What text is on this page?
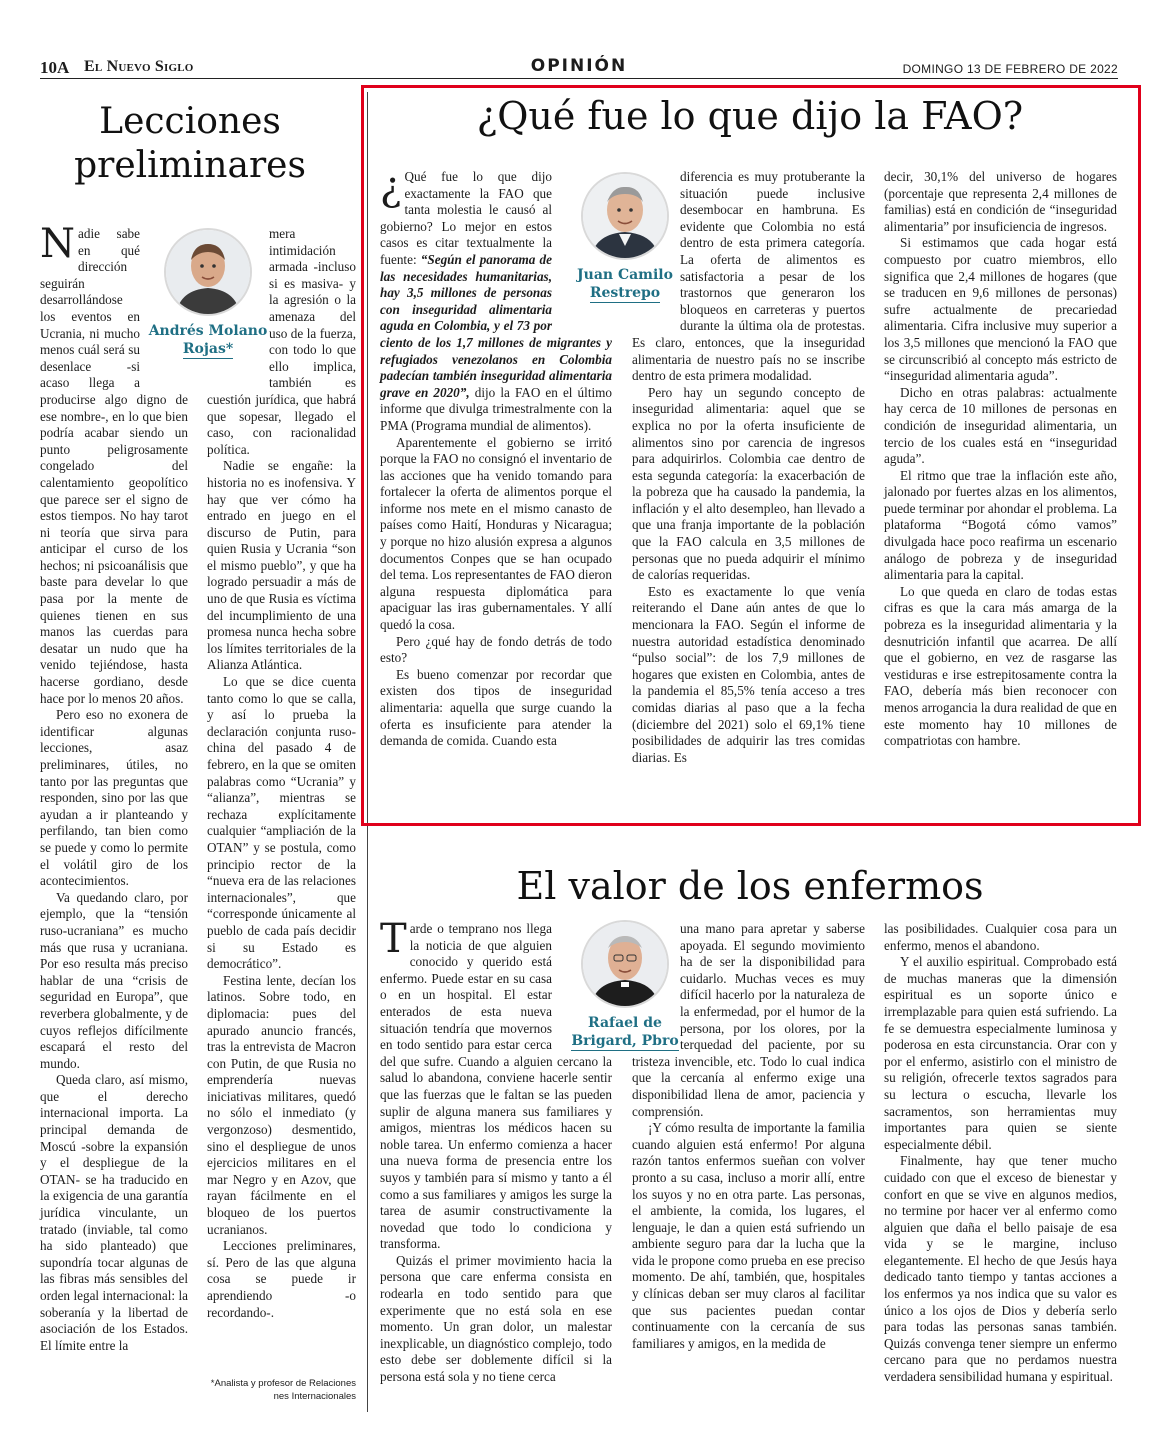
10A El Nuevo Siglo	OPINIÓN	DOMINGO 13 DE FEBRERO DE 2022
Lecciones
preliminares
Andrés Molano
Rojas*

Nadie sabe en qué dirección seguirán desarrollándose los eventos en Ucrania, ni mucho menos cuál será su desenlace -si acaso llega a producirse algo digno de ese nombre-, en lo que bien podría acabar siendo un punto peligrosamente congelado del calentamiento geopolítico que parece ser el signo de estos tiempos. No hay tarot ni teoría que sirva para anticipar el curso de los hechos; ni psicoanálisis que baste para develar lo que pasa por la mente de quienes tienen en sus manos las cuerdas para desatar un nudo que ha venido tejiéndose, hasta hacerse gordiano, desde hace por lo menos 20 años.

Pero eso no exonera de identificar algunas lecciones, asaz preliminares, útiles, no tanto por las preguntas que responden, sino por las que ayudan a ir planteando y perfilando, tan bien como se puede y como lo permite el volátil giro de los acontecimientos.

Va quedando claro, por ejemplo, que la “tensión ruso-ucraniana” es mucho más que rusa y ucraniana. Por eso resulta más preciso hablar de una “crisis de seguridad en Europa”, que reverbera globalmente, y de cuyos reflejos difícilmente escapará el resto del mundo.

Queda claro, así mismo, que el derecho internacional importa. La principal demanda de Moscú -sobre la expansión y el despliegue de la OTAN- se ha traducido en la exigencia de una garantía jurídica vinculante, un tratado (inviable, tal como ha sido planteado) que supondría tocar algunas de las fibras más sensibles del orden legal internacional: la soberanía y la libertad de asociación de los Estados. El límite entre la

mera intimidación armada -incluso si es masiva- y la agresión o la amenaza del uso de la fuerza, con todo lo que ello implica, también es cuestión jurídica, que habrá que sopesar, llegado el caso, con racionalidad política.

Nadie se engañe: la historia no es inofensiva. Y hay que ver cómo ha entrado en juego en el discurso de Putin, para quien Rusia y Ucrania “son el mismo pueblo”, y que ha logrado persuadir a más de uno de que Rusia es víctima del incumplimiento de una promesa nunca hecha sobre los límites territoriales de la Alianza Atlántica.

Lo que se dice cuenta tanto como lo que se calla, y así lo prueba la declaración conjunta ruso-china del pasado 4 de febrero, en la que se omiten palabras como “Ucrania” y “alianza”, mientras se rechaza explícitamente cualquier “ampliación de la OTAN” y se postula, como principio rector de la “nueva era de las relaciones internacionales”, que “corresponde únicamente al pueblo de cada país decidir si su Estado es democrático”.

Festina lente, decían los latinos. Sobre todo, en diplomacia: pues del apurado anuncio francés, tras la entrevista de Macron con Putin, de que Rusia no emprendería nuevas iniciativas militares, quedó no sólo el inmediato (y vergonzoso) desmentido, sino el despliegue de unos ejercicios militares en el mar Negro y en Azov, que rayan fácilmente en el bloqueo de los puertos ucranianos.

Lecciones preliminares, sí. Pero de las que alguna cosa se puede ir aprendiendo -o recordando-.

*Analista y profesor de Relaciones
nes Internacionales
¿Qué fue lo que dijo la FAO?
Juan Camilo
Restrepo

¿ Qué fue lo que dijo exactamente la FAO que tanta molestia le causó al gobierno? Lo mejor en estos casos es citar textualmente la fuente: “Según el panorama de las necesidades humanitarias, hay 3,5 millones de personas con inseguridad alimentaria aguda en Colombia, y el 73 por ciento de los 1,7 millones de migrantes y refugiados venezolanos en Colombia padecían también inseguridad alimentaria grave en 2020”, dijo la FAO en el último informe que divulga trimestralmente con la PMA (Programa mundial de alimentos).

Aparentemente el gobierno se irritó porque la FAO no consignó el inventario de las acciones que ha venido tomando para fortalecer la oferta de alimentos porque el informe nos mete en el mismo canasto de países como Haití, Honduras y Nicaragua; y porque no hizo alusión expresa a algunos documentos Conpes que se han ocupado del tema. Los representantes de FAO dieron alguna respuesta diplomática para apaciguar las iras gubernamentales. Y allí quedó la cosa.

Pero ¿qué hay de fondo detrás de todo esto?

Es bueno comenzar por recordar que existen dos tipos de inseguridad alimentaria: aquella que surge cuando la oferta es insuficiente para atender la demanda de comida. Cuando esta

diferencia es muy protuberante la situación puede inclusive desembocar en hambruna. Es evidente que Colombia no está dentro de esta primera categoría. La oferta de alimentos es satisfactoria a pesar de los trastornos que generaron los bloqueos en carreteras y puertos durante la última ola de protestas. Es claro, entonces, que la inseguridad alimentaria de nuestro país no se inscribe dentro de esta primera modalidad.

Pero hay un segundo concepto de inseguridad alimentaria: aquel que se explica no por la oferta insuficiente de alimentos sino por carencia de ingresos para adquirirlos. Colombia cae dentro de esta segunda categoría: la exacerbación de la pobreza que ha causado la pandemia, la inflación y el alto desempleo, han llevado a que una franja importante de la población que la FAO calcula en 3,5 millones de personas que no pueda adquirir el mínimo de calorías requeridas.

Esto es exactamente lo que venía reiterando el Dane aún antes de que lo mencionara la FAO. Según el informe de nuestra autoridad estadística denominado “pulso social”: de los 7,9 millones de hogares que existen en Colombia, antes de la pandemia el 85,5% tenía acceso a tres comidas diarias al paso que a la fecha (diciembre del 2021) solo el 69,1% tiene posibilidades de adquirir las tres comidas diarias. Es

decir, 30,1% del universo de hogares (porcentaje que representa 2,4 millones de familias) está en condición de “inseguridad alimentaria” por insuficiencia de ingresos.

Si estimamos que cada hogar está compuesto por cuatro miembros, ello significa que 2,4 millones de hogares (que se traducen en 9,6 millones de personas) sufre actualmente de precariedad alimentaria. Cifra inclusive muy superior a los 3,5 millones que mencionó la FAO que se circunscribió al concepto más estricto de “inseguridad alimentaria aguda”.

Dicho en otras palabras: actualmente hay cerca de 10 millones de personas en condición de inseguridad alimentaria, un tercio de los cuales está en “inseguridad aguda”.

El ritmo que trae la inflación este año, jalonado por fuertes alzas en los alimentos, puede terminar por ahondar el problema. La plataforma “Bogotá cómo vamos” divulgada hace poco reafirma un escenario análogo de pobreza y de inseguridad alimentaria para la capital.

Lo que queda en claro de todas estas cifras es que la cara más amarga de la pobreza es la inseguridad alimentaria y la desnutrición infantil que acarrea. De allí que el gobierno, en vez de rasgarse las vestiduras e irse estrepitosamente contra la FAO, debería más bien reconocer con menos arrogancia la dura realidad de que en este momento hay 10 millones de compatriotas con hambre.

El valor de los enfermos
Rafael de
Brigard, Pbro

Tarde o temprano nos llega la noticia de que alguien conocido y querido está enfermo. Puede estar en su casa o en un hospital. El estar enterados de esta nueva situación tendría que movernos en todo sentido para estar cerca del que sufre. Cuando a alguien cercano la salud lo abandona, conviene hacerle sentir que las fuerzas que le faltan se las pueden suplir de alguna manera sus familiares y amigos, mientras los médicos hacen su noble tarea. Un enfermo comienza a hacer una nueva forma de presencia entre los suyos y también para sí mismo y tanto a él como a sus familiares y amigos les surge la tarea de asumir constructivamente la novedad que todo lo condiciona y transforma.

Quizás el primer movimiento hacia la persona que care enferma consista en rodearla en todo sentido para que experimente que no está sola en ese momento. Un gran dolor, un malestar inexplicable, un diagnóstico complejo, todo esto debe ser doblemente difícil si la persona está sola y no tiene cerca

una mano para apretar y saberse apoyada. El segundo movimiento ha de ser la disponibilidad para cuidarlo. Muchas veces es muy difícil hacerlo por la naturaleza de la enfermedad, por el humor de la persona, por los olores, por la terquedad del paciente, por su tristeza invencible, etc. Todo lo cual indica que la cercanía al enfermo exige una disponibilidad llena de amor, paciencia y comprensión.

¡Y cómo resulta de importante la familia cuando alguien está enfermo! Por alguna razón tantos enfermos sueñan con volver pronto a su casa, incluso a morir allí, entre los suyos y no en otra parte. Las personas, el ambiente, la comida, los lugares, el lenguaje, le dan a quien está sufriendo un ambiente seguro para dar la lucha que la vida le propone como prueba en ese preciso momento. De ahí, también, que, hospitales y clínicas deban ser muy claros al facilitar que sus pacientes puedan contar continuamente con la cercanía de sus familiares y amigos, en la medida de

las posibilidades. Cualquier cosa para un enfermo, menos el abandono.

Y el auxilio espiritual. Comprobado está de muchas maneras que la dimensión espiritual es un soporte único e irremplazable para quien está sufriendo. La fe se demuestra especialmente luminosa y poderosa en esta circunstancia. Orar con y por el enfermo, asistirlo con el ministro de su religión, ofrecerle textos sagrados para su lectura o escucha, llevarle los sacramentos, son herramientas muy importantes para quien se siente especialmente débil.

Finalmente, hay que tener mucho cuidado con que el exceso de bienestar y confort en que se vive en algunos medios, no termine por hacer ver al enfermo como alguien que daña el bello paisaje de esa vida y se le margine, incluso elegantemente. El hecho de que Jesús haya dedicado tanto tiempo y tantas acciones a los enfermos ya nos indica que su valor es único a los ojos de Dios y debería serlo para todas las personas sanas también. Quizás convenga tener siempre un enfermo cercano para que no perdamos nuestra verdadera sensibilidad humana y espiritual.
